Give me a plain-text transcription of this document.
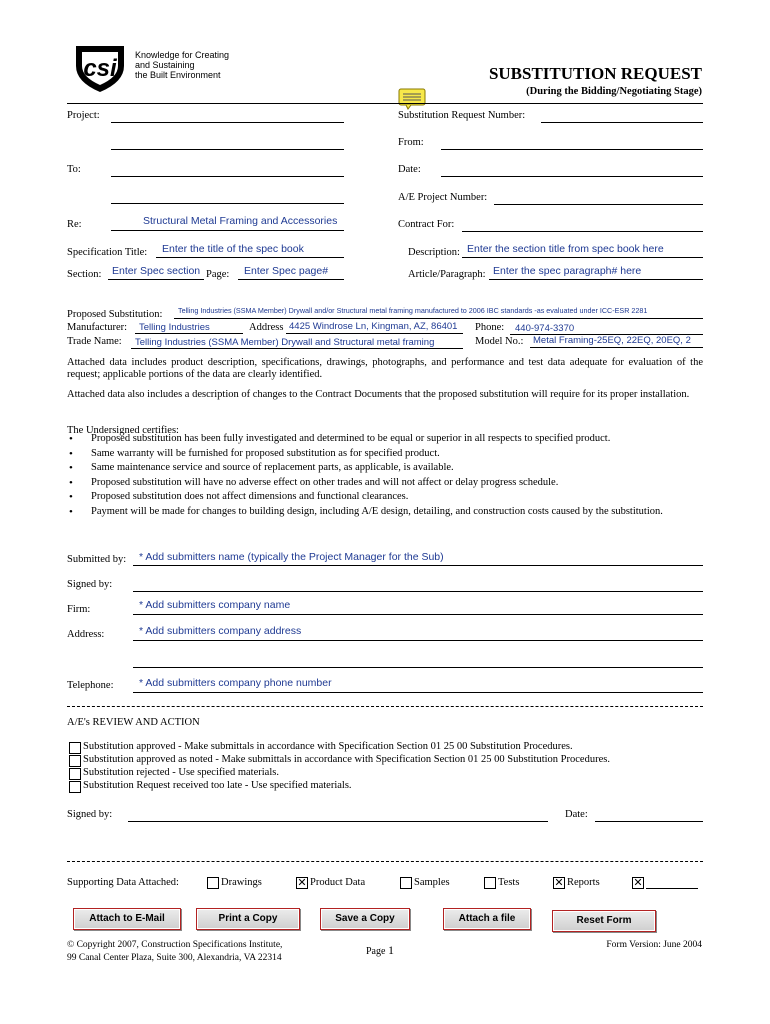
csi Knowledge for Creating
and Sustaining
the Built Environment	SUBSTITUTION REQUEST
(During the Bidding/Negotiating Stage)
Project:	Substitution Request Number:
From:
To:	Date:
A/E Project Number:
Re:	Structural Metal Framing and Accessories	Contract For:
Specification Title: Enter the title of the spec book	Description: Enter the section title from spec book here
Section: Enter Spec section Page: Enter Spec page#	Article/Paragraph: Enter the spec paragraph# here
Proposed Substitution: Telling Industries (SSMA Member) Drywall and/or Structural metal framing manufactured to 2006 IBC standards -as evaluated under ICC-ESR 2281
Manufacturer: Telling Industries	Address 4425 Windrose Ln, Kingman, AZ, 86401 Phone: 440-974-3370
Trade Name: Telling Industries (SSMA Member) Drywall and Structural metal framing	Model No.: Metal Framing-25EQ, 22EQ, 20EQ, 2
Attached data includes product description, specifications, drawings, photographs, and performance and test data adequate for evaluation of the request; applicable portions of the data are clearly identified.
Attached data also includes a description of changes to the Contract Documents that the proposed substitution will require for its proper installation.
The Undersigned certifies:
• Proposed substitution has been fully investigated and determined to be equal or superior in all respects to specified product.
• Same warranty will be furnished for proposed substitution as for specified product.
• Same maintenance service and source of replacement parts, as applicable, is available.
• Proposed substitution will have no adverse effect on other trades and will not affect or delay progress schedule.
• Proposed substitution does not affect dimensions and functional clearances.
• Payment will be made for changes to building design, including A/E design, detailing, and construction costs caused by the substitution.
Submitted by: * Add submitters name (typically the Project Manager for the Sub)
Signed by:
Firm:	* Add submitters company name
Address:	* Add submitters company address
Telephone: * Add submitters company phone number
A/E's REVIEW AND ACTION
Substitution approved - Make submittals in accordance with Specification Section 01 25 00 Substitution Procedures.
Substitution approved as noted - Make submittals in accordance with Specification Section 01 25 00 Substitution Procedures.
Substitution rejected - Use specified materials.
Substitution Request received too late - Use specified materials.
Signed by:	Date:
Supporting Data Attached:	Drawings	✕ Product Data	Samples	Tests	✕ Reports	✕
Attach to E-Mail	Print a Copy	Save a Copy	Attach a file	Reset Form
© Copyright 2007, Construction Specifications Institute,
99 Canal Center Plaza, Suite 300, Alexandria, VA 22314
Page 1	Form Version: June 2004
